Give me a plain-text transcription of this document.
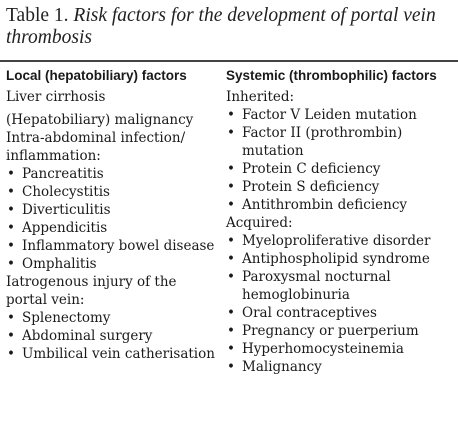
Table 1. Risk factors for the development of portal vein thrombosis

Local (hepatobiliary) factors

Liver cirrhosis

(Hepatobiliary) malignancy

Intra-abdominal infection/ inflammation:

• Pancreatitis
• Cholecystitis
• Diverticulitis
• Appendicitis
• Inflammatory bowel disease
• Omphalitis

Iatrogenous injury of the portal vein:

• Splenectomy
• Abdominal surgery
• Umbilical vein catherisation
Systemic (thrombophilic) factors

Inherited:

• Factor V Leiden mutation
• Factor II (prothrombin) mutation
• Protein C deficiency
• Protein S deficiency
• Antithrombin deficiency

Acquired:

• Myeloproliferative disorder
• Antiphospholipid syndrome
• Paroxysmal nocturnal hemoglobinuria
• Oral contraceptives
• Pregnancy or puerperium
• Hyperhomocysteinemia
• Malignancy
